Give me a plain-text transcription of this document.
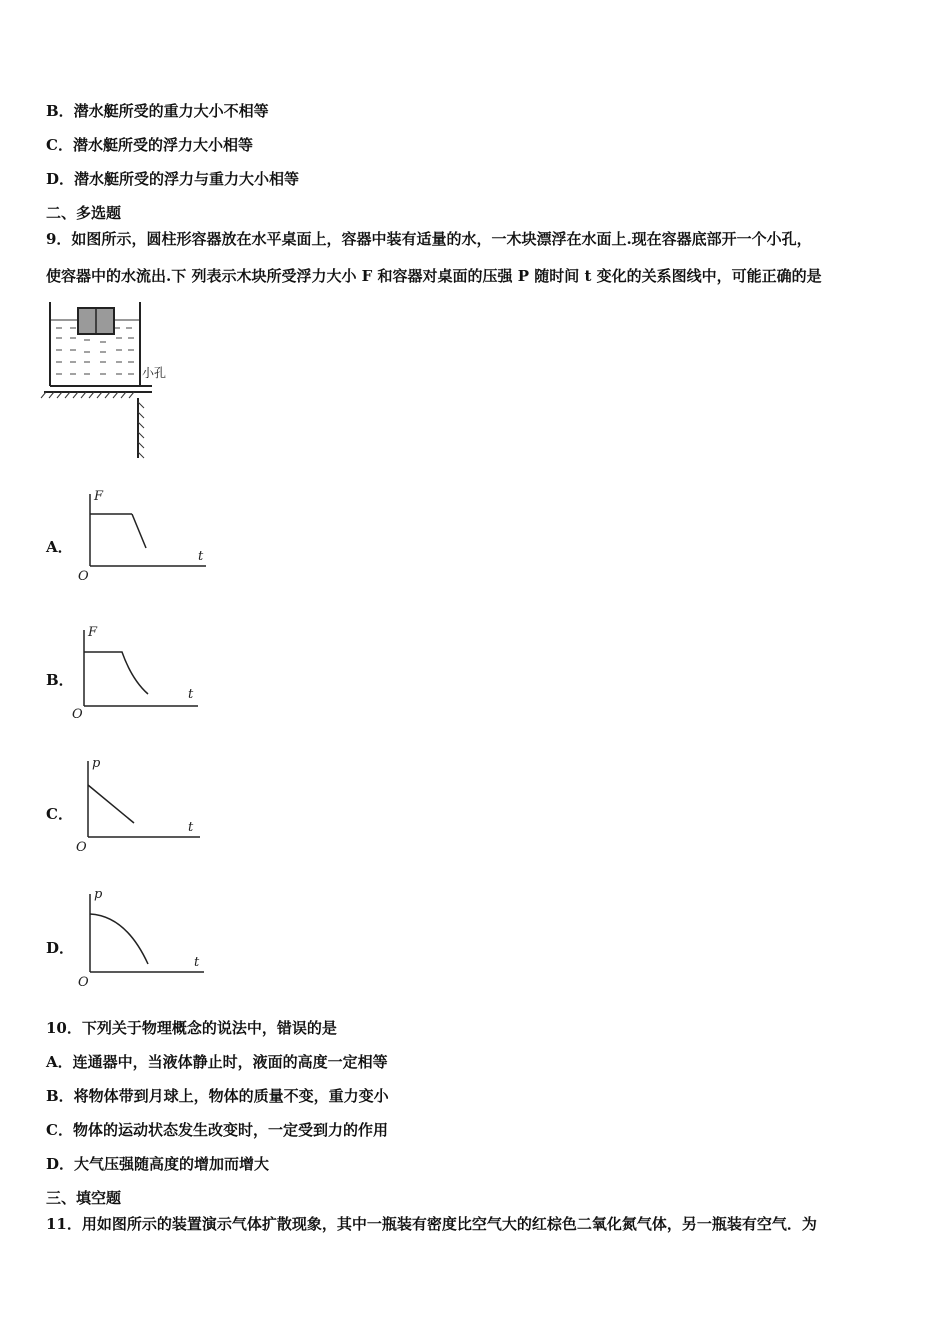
B．潜水艇所受的重力大小不相等
C．潜水艇所受的浮力大小相等
D．潜水艇所受的浮力与重力大小相等
二、多选题
9．如图所示，圆柱形容器放在水平桌面上，容器中装有适量的水，一木块漂浮在水面上.现在容器底部开一个小孔，
使容器中的水流出.下 列表示木块所受浮力大小 F 和容器对桌面的压强 P 随时间 t 变化的关系图线中，可能正确的是
小孔
A．
F
t
O
B．
F
t
O
C．
p
t
O
D．
p
t
O
10．下列关于物理概念的说法中，错误的是
A．连通器中，当液体静止时，液面的高度一定相等
B．将物体带到月球上，物体的质量不变，重力变小
C．物体的运动状态发生改变时，一定受到力的作用
D．大气压强随高度的增加而增大
三、填空题
11．用如图所示的装置演示气体扩散现象，其中一瓶装有密度比空气大的红棕色二氧化氮气体，另一瓶装有空气．为
